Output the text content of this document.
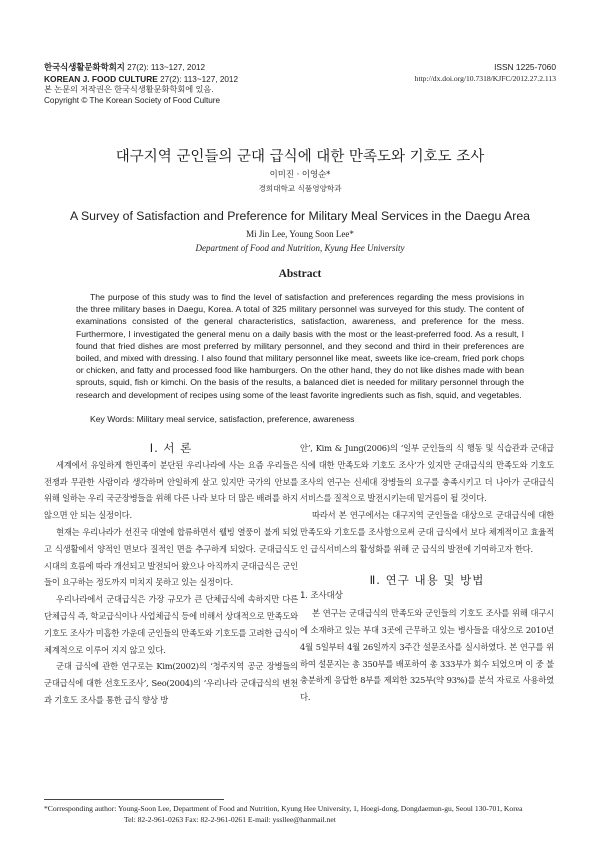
한국식생활문화학회지 27(2): 113~127, 2012
KOREAN J. FOOD CULTURE 27(2): 113~127, 2012
본 논문의 저작권은 한국식생활문화학회에 있음.
Copyright © The Korean Society of Food Culture
ISSN 1225-7060
http://dx.doi.org/10.7318/KJFC/2012.27.2.113
대구지역 군인들의 군대 급식에 대한 만족도와 기호도 조사
이미진 · 이영순*
경희대학교 식품영양학과
A Survey of Satisfaction and Preference for Military Meal Services in the Daegu Area
Mi Jin Lee, Young Soon Lee*
Department of Food and Nutrition, Kyung Hee University
Abstract
The purpose of this study was to find the level of satisfaction and preferences regarding the mess provisions in the three military bases in Daegu, Korea. A total of 325 military personnel was surveyed for this study. The content of examinations consisted of the general characteristics, satisfaction, awareness, and preference for the mess. Furthermore, I investigated the general menu on a daily basis with the most or the least-preferred food. As a result, I found that fried dishes are most preferred by military personnel, and they second and third in their preferences are boiled, and mixed with dressing. I also found that military personnel like meat, sweets like ice-cream, fried pork chops or chicken, and fatty and processed food like hamburgers. On the other hand, they do not like dishes made with bean sprouts, squid, fish or kimchi. On the basis of the results, a balanced diet is needed for military personnel through the research and development of recipes using some of the least favorite ingredients such as fish, squid, and vegetables.
Key Words: Military meal service, satisfaction, preference, awareness

Ⅰ. 서 론

세계에서 유일하게 한민족이 분단된 우리나라에 사는 요즘 우리들은 전쟁과 무관한 사람이라 생각하며 안일하게 살고 있지만 국가의 안보를 위해 일하는 우리 국군장병들을 위해 다른 나라 보다 더 많은 배려를 하지 않으면 안 되는 실정이다.

현재는 우리나라가 선진국 대열에 합류하면서 웰빙 열풍이 불게 되었고 식생활에서 양적인 면보다 질적인 면을 추구하게 되었다. 군대급식도 시대의 흐름에 따라 개선되고 발전되어 왔으나 아직까지 군대급식은 군인들이 요구하는 정도까지 미치지 못하고 있는 실정이다.

우리나라에서 군대급식은 가장 규모가 큰 단체급식에 속하지만 다른 단체급식 즉, 학교급식이나 사업체급식 등에 비해서 상대적으로 만족도와 기호도 조사가 미흡한 가운데 군인들의 만족도와 기호도를 고려한 급식이 체계적으로 이루어 지지 않고 있다.

군대 급식에 관한 연구로는 Kim(2002)의 ‘청주지역 공군 장병들의 군대급식에 대한 선호도조사’, Seo(2004)의 ‘우리나라 군대급식의 변천과 기호도 조사를 통한 급식 향상 방

안’, Kim & Jung(2006)의 ‘일부 군인들의 식 행동 및 식습관과 군대급식에 대한 만족도와 기호도 조사’가 있지만 군대급식의 만족도와 기호도 조사의 연구는 신세대 장병들의 요구를 충족시키고 더 나아가 군대급식 서비스를 질적으로 발전시키는데 밑거름이 될 것이다.

따라서 본 연구에서는 대구지역 군인들을 대상으로 군대급식에 대한 만족도와 기호도를 조사함으로써 군대 급식에서 보다 체계적이고 효율적인 급식서비스의 활성화를 위해 군 급식의 발전에 기여하고자 한다.

Ⅱ. 연구 내용 및 방법

1. 조사대상

본 연구는 군대급식의 만족도와 군인들의 기호도 조사를 위해 대구시에 소재하고 있는 부대 3곳에 근무하고 있는 병사들을 대상으로 2010년 4월 5일부터 4월 26일까지 3주간 설문조사를 실시하였다. 본 연구를 위하여 설문지는 총 350부를 배포하여 총 333부가 회수 되었으며 이 중 불충분하게 응답한 8부를 제외한 325부(약 93%)를 분석 자료로 사용하였다.

*Corresponding author: Young-Soon Lee, Department of Food and Nutrition, Kyung Hee University, 1, Hoegi-dong, Dongdaemun-gu, Seoul 130-701, Korea
Tel: 82-2-961-0263 Fax: 82-2-961-0261 E-mail: yssllee@hanmail.net
